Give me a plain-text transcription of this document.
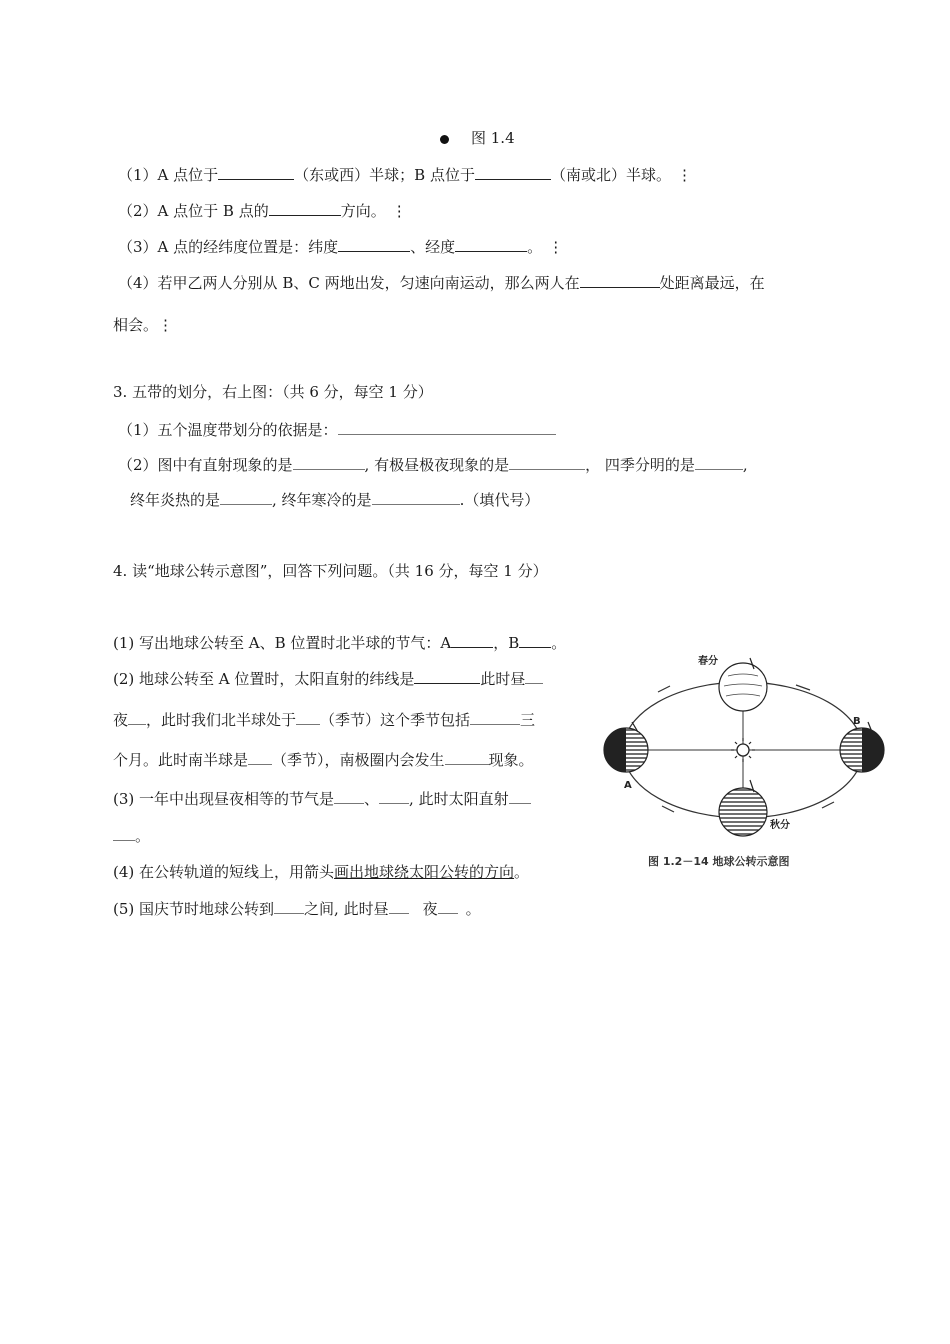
图 1.4
（1）A 点位于	（东或西）半球；B 点位于	（南或北）半球。 ⋮
（2）A 点位于 B 点的	方向。 ⋮
（3）A 点的经纬度位置是：纬度	、经度	。 ⋮
（4）若甲乙两人分别从 B、C 两地出发，匀速向南运动，那么两人在	处距离最远，在
相会。⋮
3. 五带的划分，右上图：（共 6 分，每空 1 分）
（1）五个温度带划分的依据是：
（2）图中有直射现象的是	, 有极昼极夜现象的是	， 四季分明的是	,
终年炎热的是	, 终年寒冷的是	.（填代号）
4. 读“地球公转示意图”，回答下列问题。（共 16 分，每空 1 分）
(1) 写出地球公转至 A、B 位置时北半球的节气：A	，B 。
(2) 地球公转至 A 位置时，太阳直射的纬线是	此时昼
夜 ，此时我们北半球处于 （季节）这个季节包括	三
个月。此时南半球是 （季节），南极圈内会发生	现象。
(3) 一年中出现昼夜相等的节气是 、 , 此时太阳直射
。
(4) 在公转轨道的短线上，用箭头画出地球绕太阳公转的方向。
(5) 国庆节时地球公转到 之间, 此时昼 夜 。
春分
秋分
A
B
图 1.2－14 地球公转示意图
